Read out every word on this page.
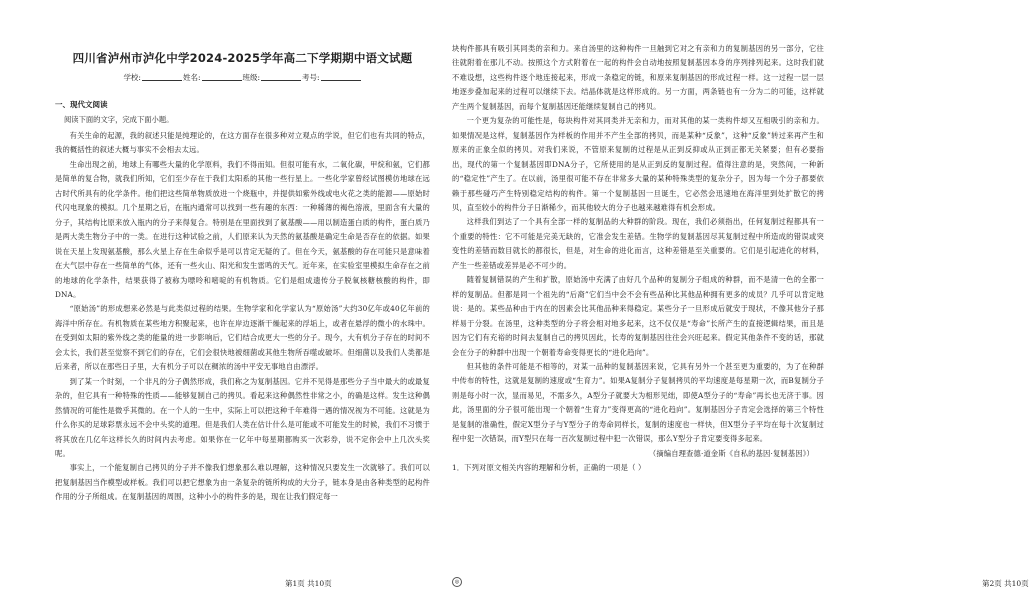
四川省泸州市泸化中学2024-2025学年高二下学期期中语文试题
学校:	姓名:	班级:	考号:
一、现代文阅读
阅读下面的文字，完成下面小题。

有关生命的起源，我的叙述只能是纯理论的，在这方面存在很多种对立观点的学说，但它们也有共同的特点，我的概括性的叙述大概与事实不会相去太远。

生命出现之前，地球上有哪些大量的化学原料，我们不得而知。但很可能有水，二氧化碳，甲烷和氨，它们都是简单的复合物，就我们所知，它们至少存在于我们太阳系的其他一些行星上。一些化学家曾经试图模仿地球在远古时代所具有的化学条件。他们把这些简单物质放进一个烧瓶中，并提供如紫外线或电火花之类的能源——原始时代闪电现象的模拟。几个星期之后，在瓶内通常可以找到一些有趣的东西：一种稀薄的褐色溶液，里面含有大量的分子，其结构比原来放入瓶内的分子来得复合。特别是在里面找到了氨基酸——用以制造蛋白质的构件，蛋白质乃是两大类生物分子中的一类。在进行这种试验之前，人们原来认为天然的氨基酸是确定生命是否存在的依据。如果说在天星上发现氨基酸，那么火星上存在生命似乎是可以肯定无疑的了。但在今天，氨基酸的存在可能只是意味着在大气层中存在一些简单的气体，还有一些火山、阳光和发生雷鸣的天气。近年来，在实验室里模拟生命存在之前的地球的化学条件，结果获得了被称为嘌呤和嘧啶的有机物质。它们是组成遗传分子脱氧核糖核酸的构件，即DNA。

“原始汤”的形成想来必然是与此类似过程的结果。生物学家和化学家认为“原始汤”大约30亿年或40亿年前的海洋中所存在。有机物质在某些地方积聚起来，也许在岸边逐渐干燥起来的浮垢上，或者在悬浮的微小的水珠中。在受到如太阳的紫外线之类的能量的进一步影响后，它们结合成更大一些的分子。现今，大有机分子存在的时间不会太长，我们甚至觉察不到它们的存在，它们会很快地被细菌或其他生物所吞噬或破坏。但细菌以及我们人类都是后来者，所以在那些日子里，大有机分子可以在稠浓的汤中平安无事地自由漂浮。

到了某一个时刻，一个非凡的分子偶然形成，我们称之为复制基因。它并不见得是那些分子当中最大的或最复杂的，但它具有一种特殊的性质——能够复制自己的拷贝。看起来这种偶然性非常之小，的确是这样。发生这种偶然情况的可能性是微乎其微的。在一个人的一生中，实际上可以把这种千年难得一遇的情况视为不可能。这就是为什么你买的足球彩票永远不会中头奖的道理。但是我们人类在估计什么是可能或不可能发生的时候，我们不习惯于将其放在几亿年这样长久的时间内去考虑。如果你在一亿年中每星期都购买一次彩券，说不定你会中上几次头奖呢。

事实上，一个能复制自己拷贝的分子并不像我们想象那么难以理解，这种情况只要发生一次就够了。我们可以把复制基因当作模型或样板。我们可以把它想象为由一条复杂的链所构成的大分子，链本身是由各种类型的起构件作用的分子所组成。在复制基因的周围，这种小小的构件多的是，现在让我们假定每一

第1页 共10页	◎

块构件都具有吸引其同类的亲和力。来自汤里的这种构件一旦触到它对之有亲和力的复制基因的另一部分，它往往就附着在那儿不动。按照这个方式附着在一起的构件会自动地按照复制基因本身的序列排列起来。这时我们就不难设想，这些构件逐个地连接起来，形成一条稳定的链，和原来复制基因的形成过程一样。这一过程一层一层地逐步叠加起来的过程可以继续下去。结晶体就是这样形成的。另一方面，两条链也有一分为二的可能，这样就产生两个复制基因，而每个复制基因还能继续复制自己的拷贝。

一个更为复杂的可能性是，每块构件对其同类并无亲和力，而对其他的某一类构件却又互相吸引的亲和力。如果情况是这样，复制基因作为样板的作用并不产生全部的拷贝，而是某种“反象”，这种“反象”转过来再产生和原来的正象全似的拷贝。对我们来说，不管原来复制的过程是从正到反抑或从正到正都无关紧要；但有必要指出，现代的第一个复制基因即DNA分子，它所使用的是从正到反的复制过程。值得注意的是，突然间，一种新的“稳定性”产生了。在以前，汤里很可能不存在非常多大量的某种特殊类型的复杂分子，因为每一个分子都要依赖于那些碰巧产生特别稳定结构的构件。第一个复制基因一旦诞生，它必然会迅速地在海洋里到处扩散它的拷贝，直至较小的构件分子日渐稀少，而其他较大的分子也越来越难得有机会形成。

这样我们到达了一个具有全部一样的复制品的大种群的阶段。现在，我们必须指出，任何复制过程都具有一个重要的特性：它不可能是完美无缺的，它准会发生差错。生物学的复制基因尽其复制过程中所造成的错误或突变性的差错而数目就长的都很长，但是，对生命的进化而言，这种差错是至关重要的。它们是引起进化的材料，产生一些差错或差异是必不可少的。

随着复制错误的产生和扩散，原始汤中充满了由好几个品种的复制分子组成的种群，而不是清一色的全都一样的复制品。但都是同一个祖先的“后裔”它们当中会不会有些品种比其他品种拥有更多的成员？几乎可以肯定地说：是的。某些品种由于内在的因素会比其他品种来得稳定。某些分子一旦形成后就安于现状，不像其他分子那样易于分裂。在汤里，这种类型的分子将会相对地多起来，这不仅仅是“寿命”长所产生的直接逻辑结果，而且是因为它们有充裕的时间去复制自己的拷贝因此，长寿的复制基因往往会兴旺起来。假定其他条件不变的话，那就会在分子的种群中出现一个朝着寿命变得更长的“进化趋向”。

但其他的条件可能是不相等的，对某一品种的复制基因来说，它具有另外一个甚至更为重要的，为了在种群中传布的特性，这就是复制的速度或“生育力”。如果A复制分子复制拷贝的平均速度是每星期一次，而B复制分子则是每小时一次，显而易见，不需多久，A型分子就要大为相形见绌，即使A型分子的“寿命”再长也无济于事。因此，汤里面的分子很可能出现一个朝着“生育力”变得更高的“进化趋向”。复制基因分子肯定会选择的第三个特性是复制的准确性，假定X型分子与Y型分子的寿命同样长，复制的速度也一样快，但X型分子平均在每十次复制过程中犯一次错误，而Y型只在每一百次复制过程中犯一次错误，那么Y型分子肯定要变得多起来。

（摘编自理查德·道金斯《自私的基因·复制基因》）

1．下列对原文相关内容的理解和分析，正确的一项是（ ）

第2页 共10页
